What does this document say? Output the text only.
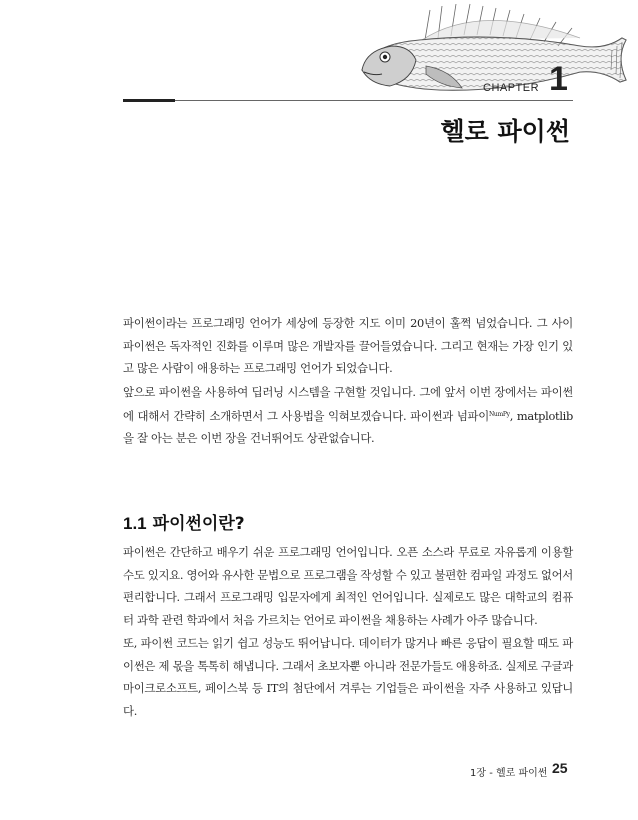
CHAPTER 1
헬로 파이썬

파이썬이라는 프로그래밍 언어가 세상에 등장한 지도 이미 20년이 훌쩍 넘었습니다. 그 사이 파이썬은 독자적인 진화를 이루며 많은 개발자를 끌어들였습니다. 그리고 현재는 가장 인기 있고 많은 사람이 애용하는 프로그래밍 언어가 되었습니다.

앞으로 파이썬을 사용하여 딥러닝 시스템을 구현할 것입니다. 그에 앞서 이번 장에서는 파이썬에 대해서 간략히 소개하면서 그 사용법을 익혀보겠습니다. 파이썬과 넘파이$^{NumPy}$, matplotlib을 잘 아는 분은 이번 장을 건너뛰어도 상관없습니다.

1.1 파이썬이란?

파이썬은 간단하고 배우기 쉬운 프로그래밍 언어입니다. 오픈 소스라 무료로 자유롭게 이용할 수도 있지요. 영어와 유사한 문법으로 프로그램을 작성할 수 있고 불편한 컴파일 과정도 없어서 편리합니다. 그래서 프로그래밍 입문자에게 최적인 언어입니다. 실제로도 많은 대학교의 컴퓨터 과학 관련 학과에서 처음 가르치는 언어로 파이썬을 채용하는 사례가 아주 많습니다.

또, 파이썬 코드는 읽기 쉽고 성능도 뛰어납니다. 데이터가 많거나 빠른 응답이 필요할 때도 파이썬은 제 몫을 톡톡히 해냅니다. 그래서 초보자뿐 아니라 전문가들도 애용하죠. 실제로 구글과 마이크로소프트, 페이스북 등 IT의 첨단에서 겨루는 기업들은 파이썬을 자주 사용하고 있답니다.

1장 - 헬로 파이썬 25
